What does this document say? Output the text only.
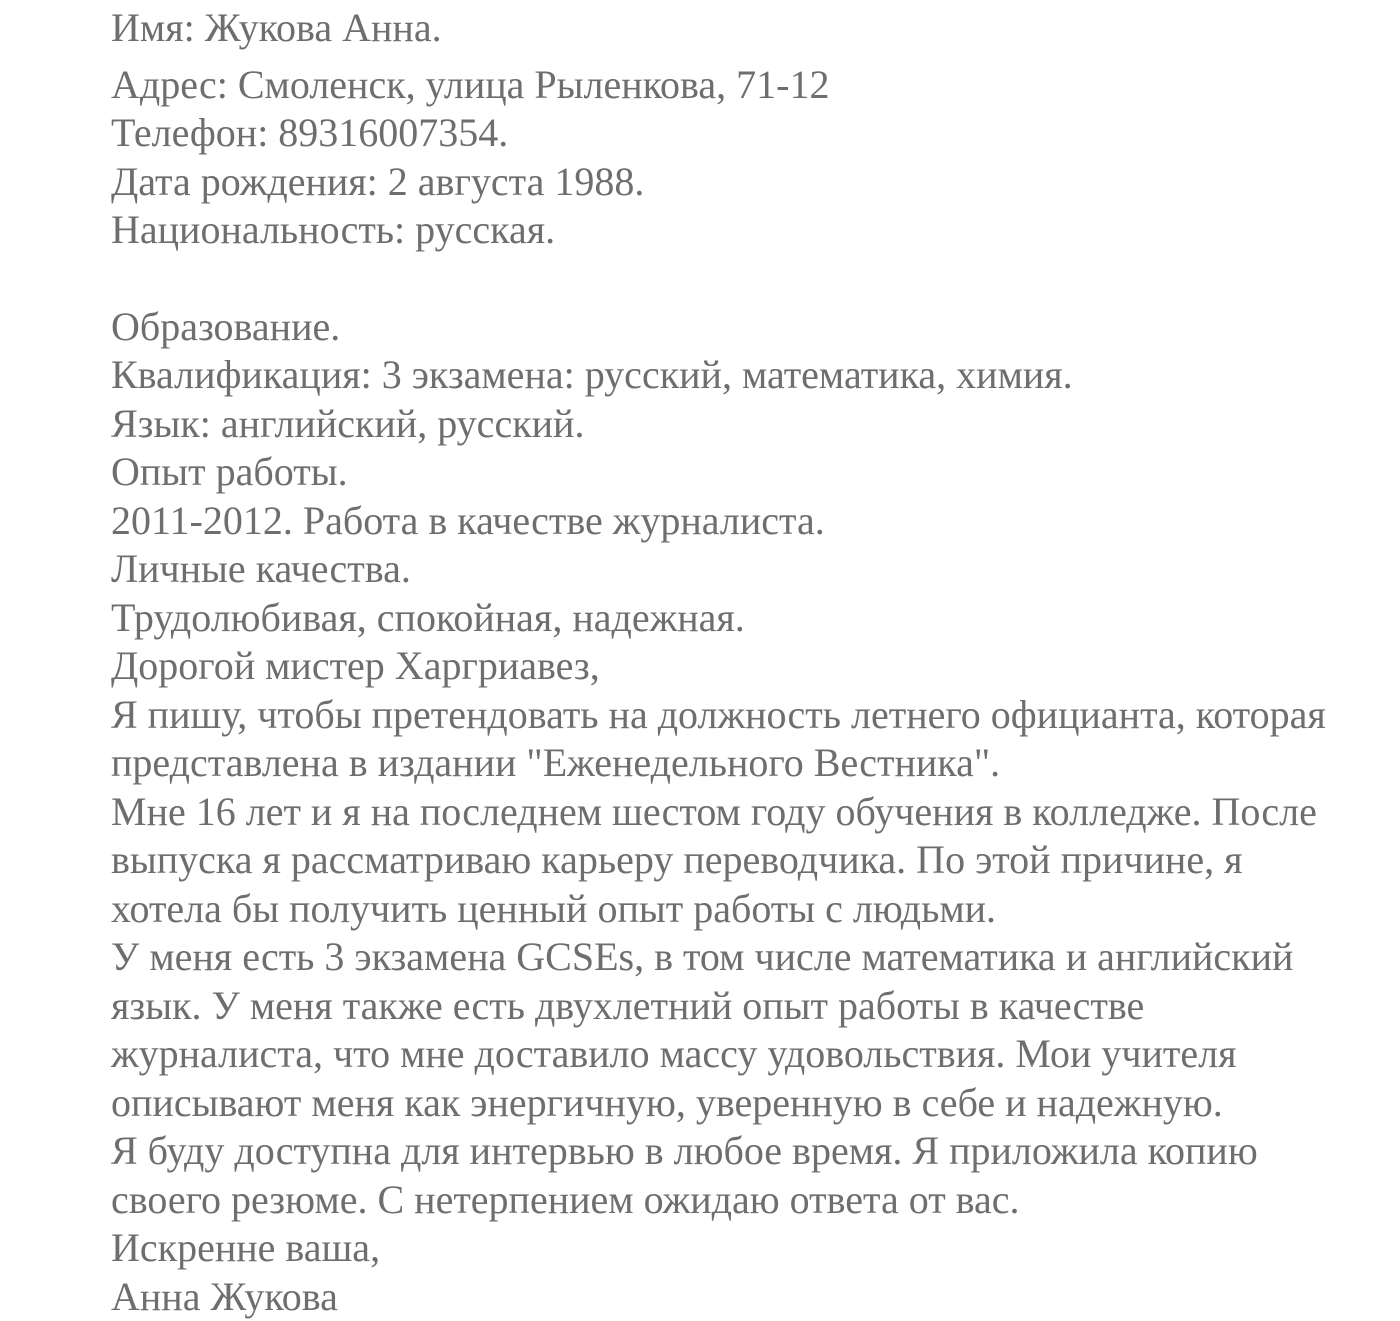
Имя: Жукова Анна.
Адрес: Смоленск, улица Рыленкова, 71-12
Телефон: 89316007354.
Дата рождения: 2 августа 1988.
Национальность: русская.
Образование.
Квалификация: 3 экзамена: русский, математика, химия.
Язык: английский, русский.
Опыт работы.
2011-2012. Работа в качестве журналиста.
Личные качества.
Трудолюбивая, спокойная, надежная.
Дорогой мистер Харгриавез,
Я пишу, чтобы претендовать на должность летнего официанта, которая
представлена в издании "Еженедельного Вестника".
Мне 16 лет и я на последнем шестом году обучения в колледже. После
выпуска я рассматриваю карьеру переводчика. По этой причине, я
хотела бы получить ценный опыт работы с людьми.
У меня есть 3 экзамена GCSEs, в том числе математика и английский
язык. У меня также есть двухлетний опыт работы в качестве
журналиста, что мне доставило массу удовольствия. Мои учителя
описывают меня как энергичную, уверенную в себе и надежную.
Я буду доступна для интервью в любое время. Я приложила копию
своего резюме. С нетерпением ожидаю ответа от вас.
Искренне ваша,
Анна Жукова
